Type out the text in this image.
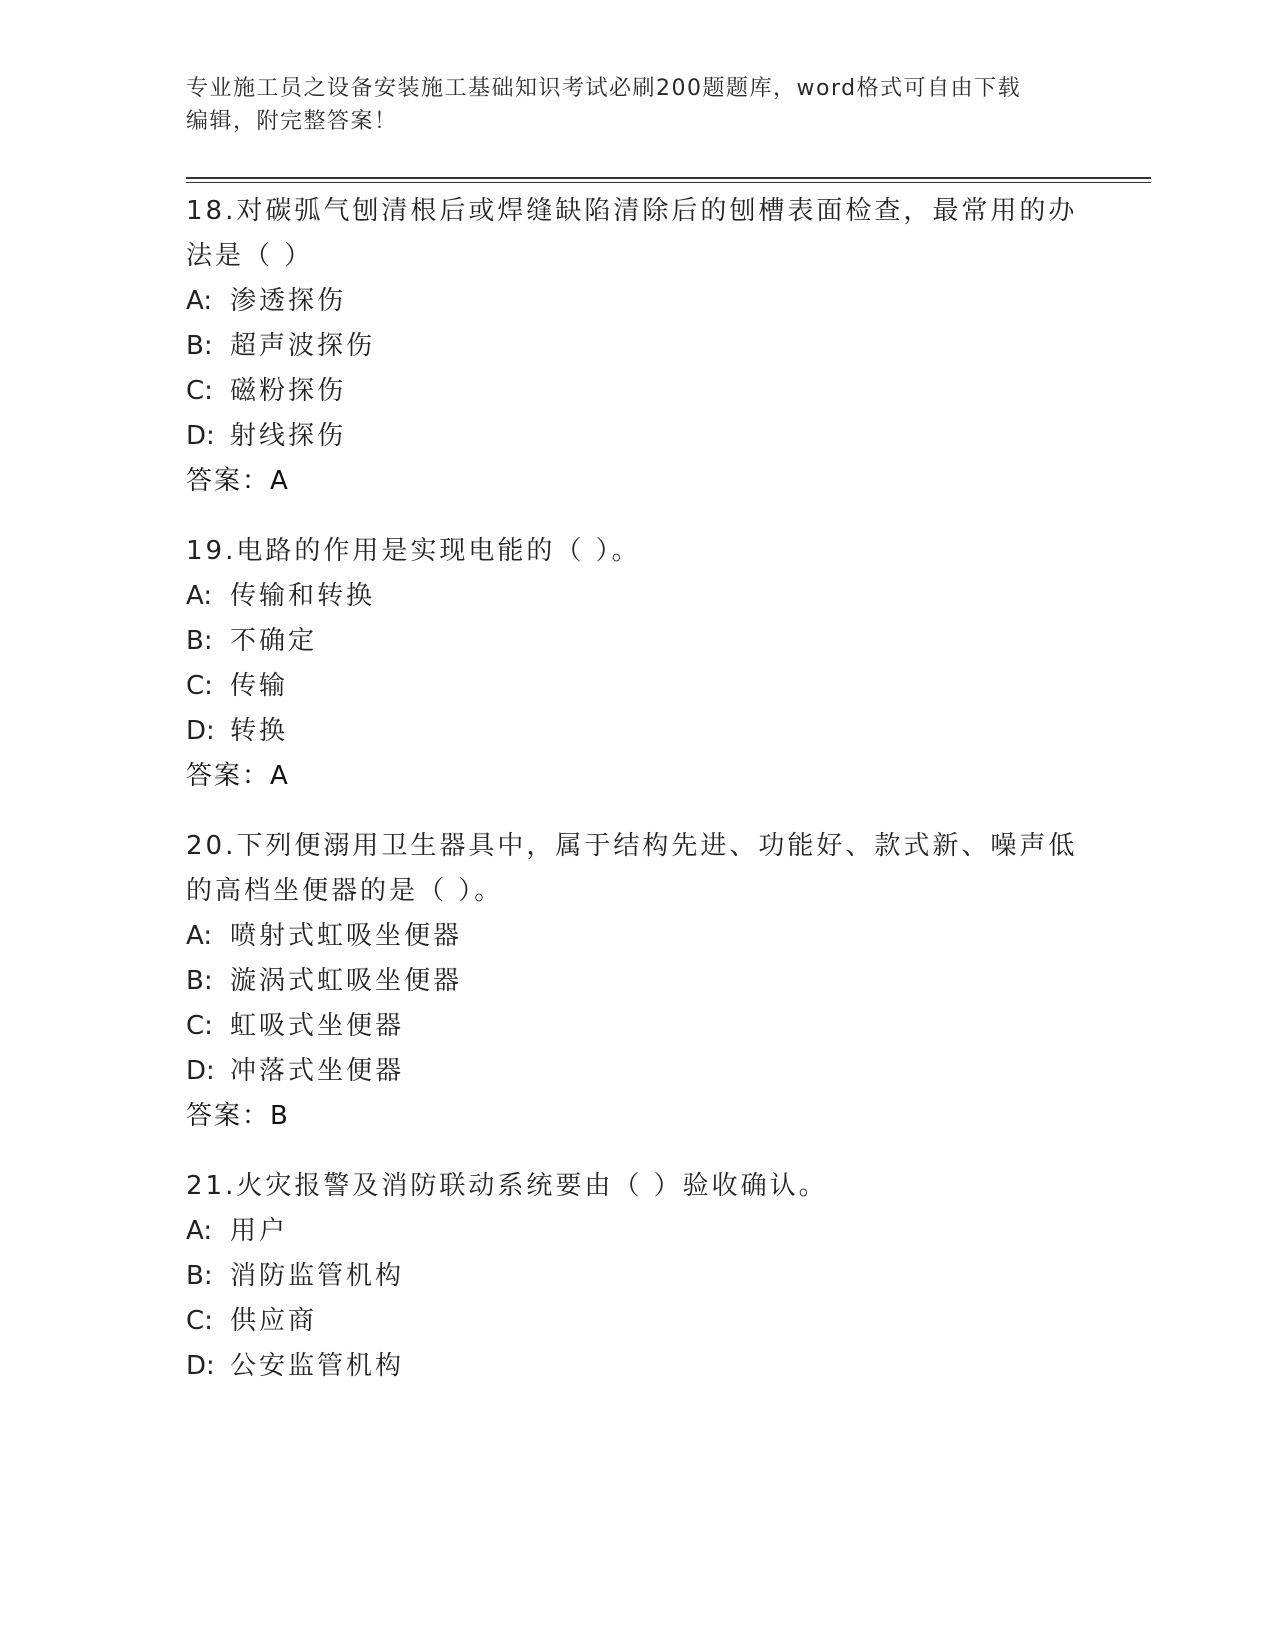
专业施工员之设备安装施工基础知识考试必刷200题题库，word格式可自由下载
编辑，附完整答案！
18.对碳弧气刨清根后或焊缝缺陷清除后的刨槽表面检查，最常用的办
法是（ ）
A: 渗透探伤
B: 超声波探伤
C: 磁粉探伤
D: 射线探伤
答案：A
19.电路的作用是实现电能的（ ）。
A: 传输和转换
B: 不确定
C: 传输
D: 转换
答案：A
20.下列便溺用卫生器具中，属于结构先进、功能好、款式新、噪声低
的高档坐便器的是（ ）。
A: 喷射式虹吸坐便器
B: 漩涡式虹吸坐便器
C: 虹吸式坐便器
D: 冲落式坐便器
答案：B
21.火灾报警及消防联动系统要由（ ）验收确认。
A: 用户
B: 消防监管机构
C: 供应商
D: 公安监管机构
